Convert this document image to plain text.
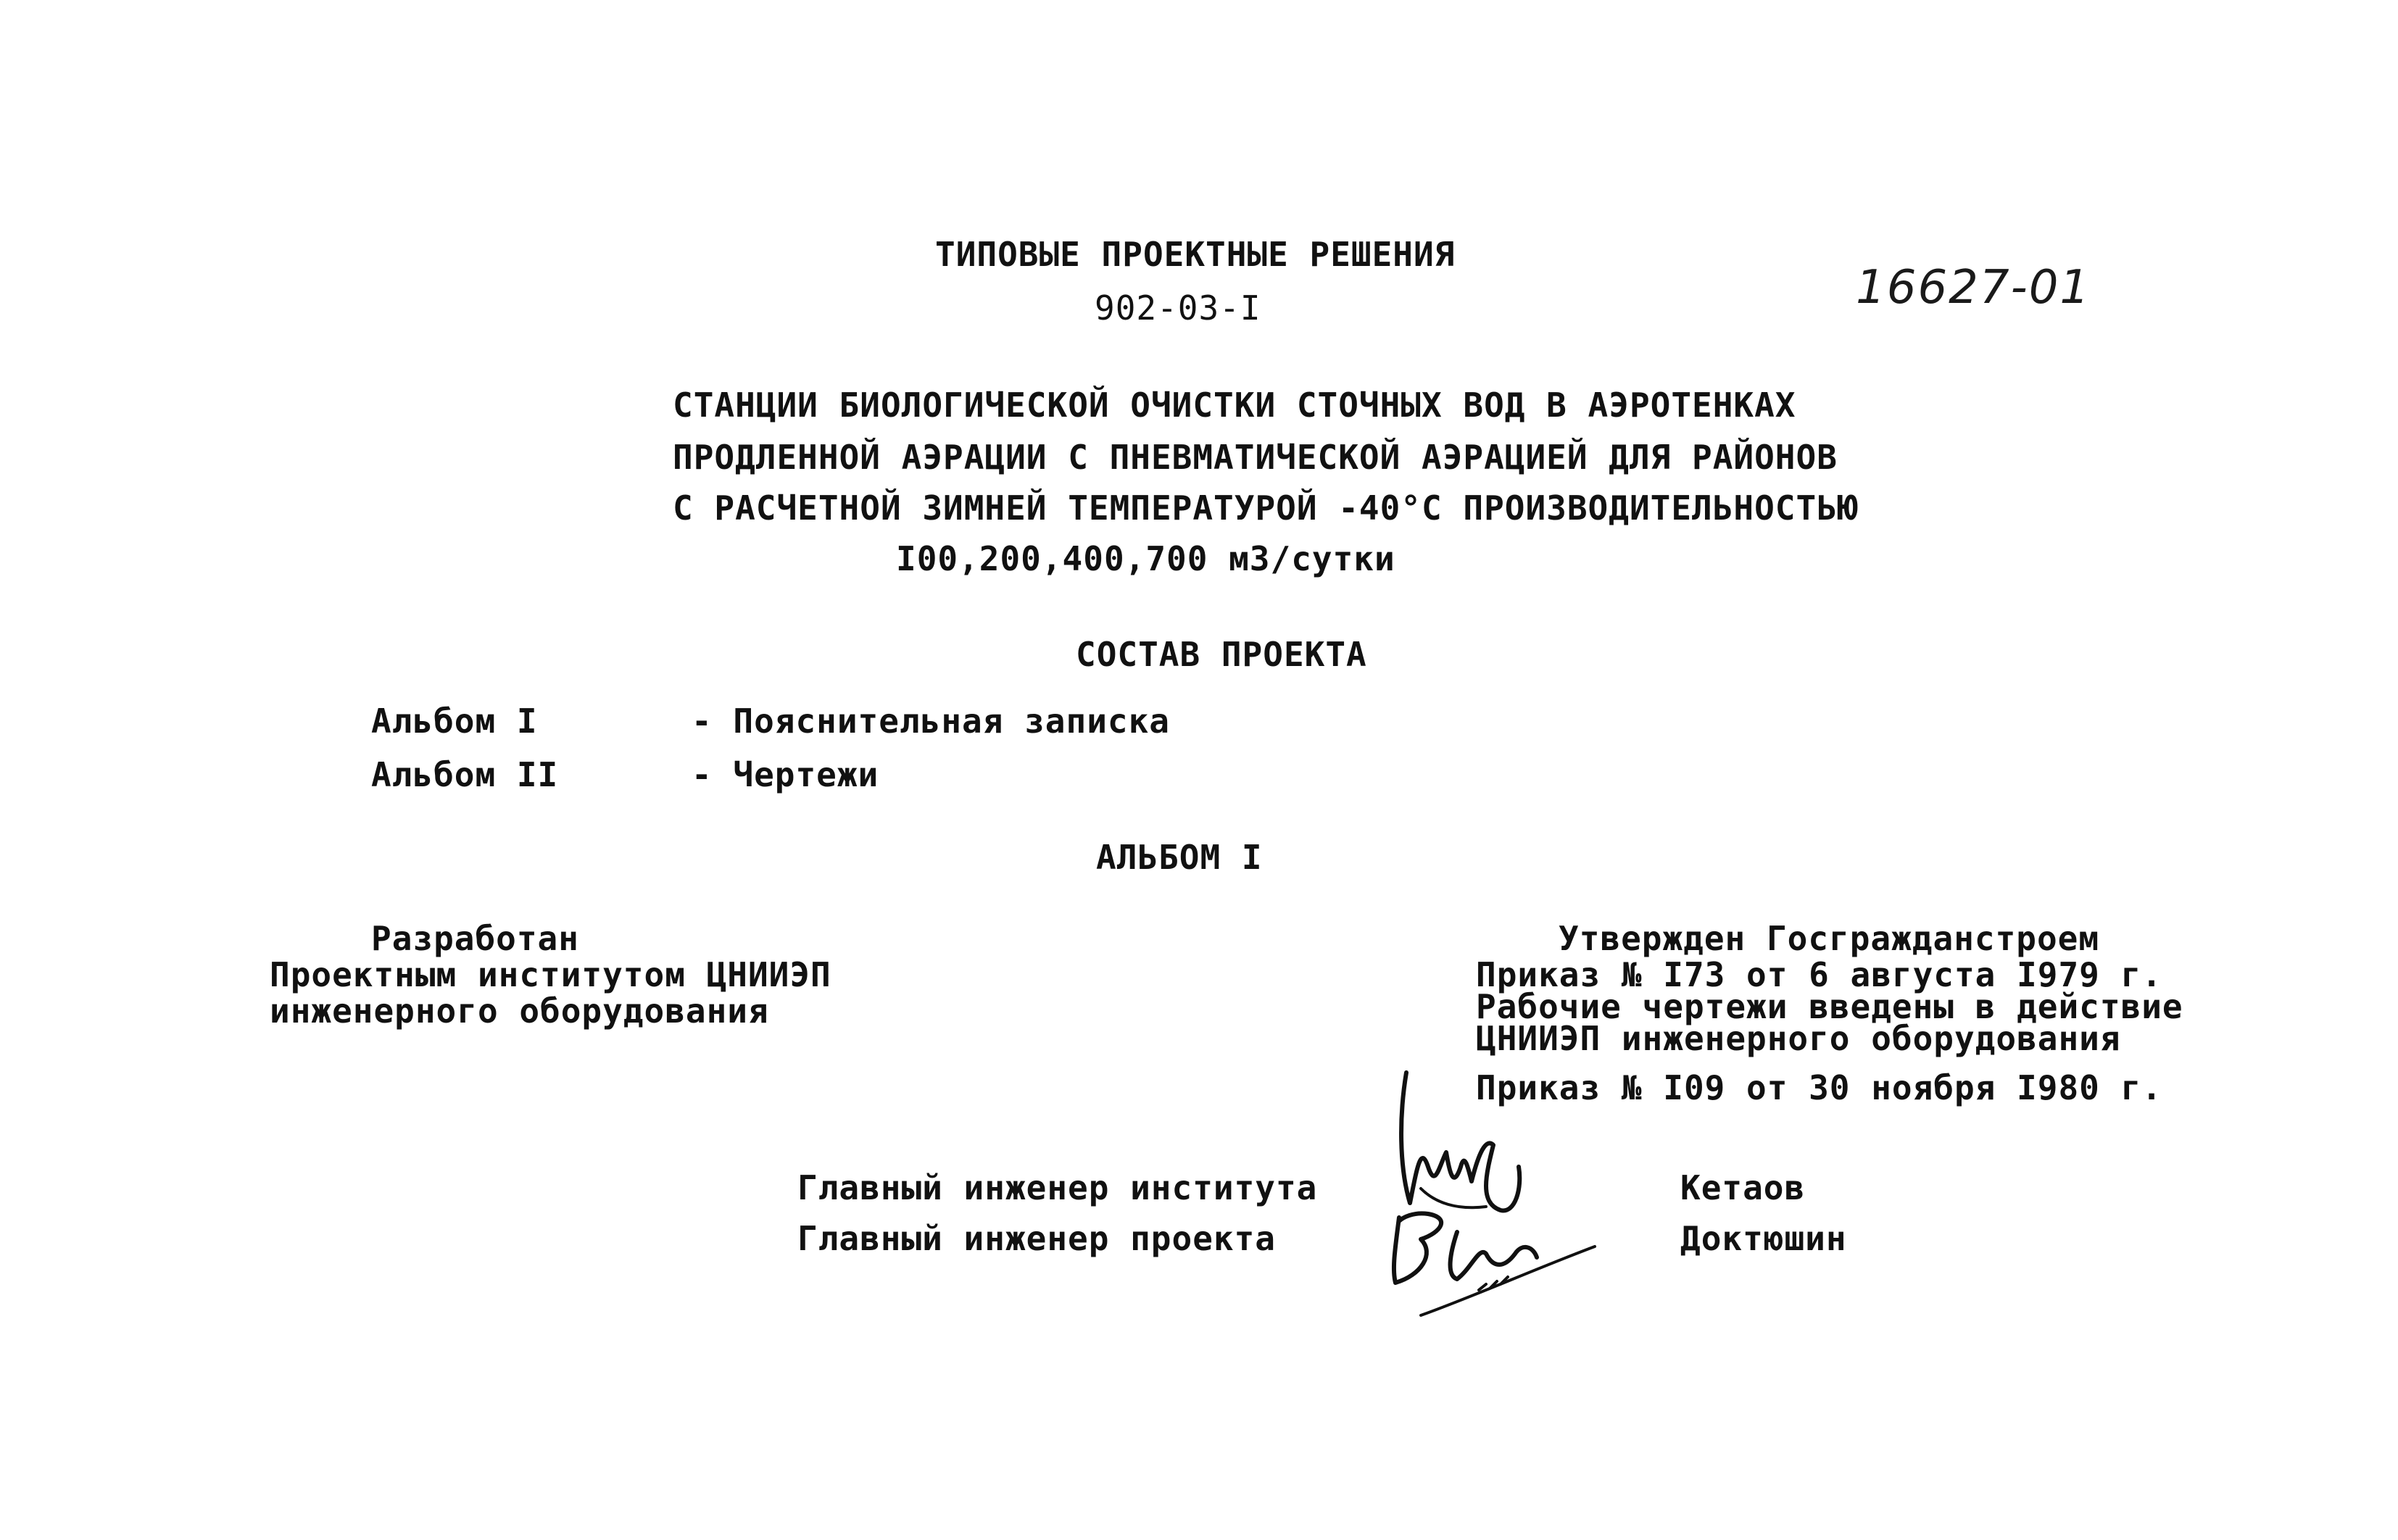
ТИПОВЫЕ ПРОЕКТНЫЕ РЕШЕНИЯ
902-03-I	16627-01
СТАНЦИИ БИОЛОГИЧЕСКОЙ ОЧИСТКИ СТОЧНЫХ ВОД В АЭРОТЕНКАХ
ПРОДЛЕННОЙ АЭРАЦИИ С ПНЕВМАТИЧЕСКОЙ АЭРАЦИЕЙ ДЛЯ РАЙОНОВ
С РАСЧЕТНОЙ ЗИМНЕЙ ТЕМПЕРАТУРОЙ -40°С ПРОИЗВОДИТЕЛЬНОСТЬЮ
I00,200,400,700 м3/сутки
СОСТАВ ПРОЕКТА
Альбом I	- Пояснительная записка
Альбом II	- Чертежи
АЛЬБОМ I
Разработан
Проектным институтом ЦНИИЭП
инженерного оборудования
Утвержден Госгражданстроем
Приказ № I73 от 6 августа I979 г.
Рабочие чертежи введены в действие
ЦНИИЭП инженерного оборудования
Приказ № I09 от 30 ноября I980 г.
Главный инженер института	Кетаов
Главный инженер проекта	Доктюшин
